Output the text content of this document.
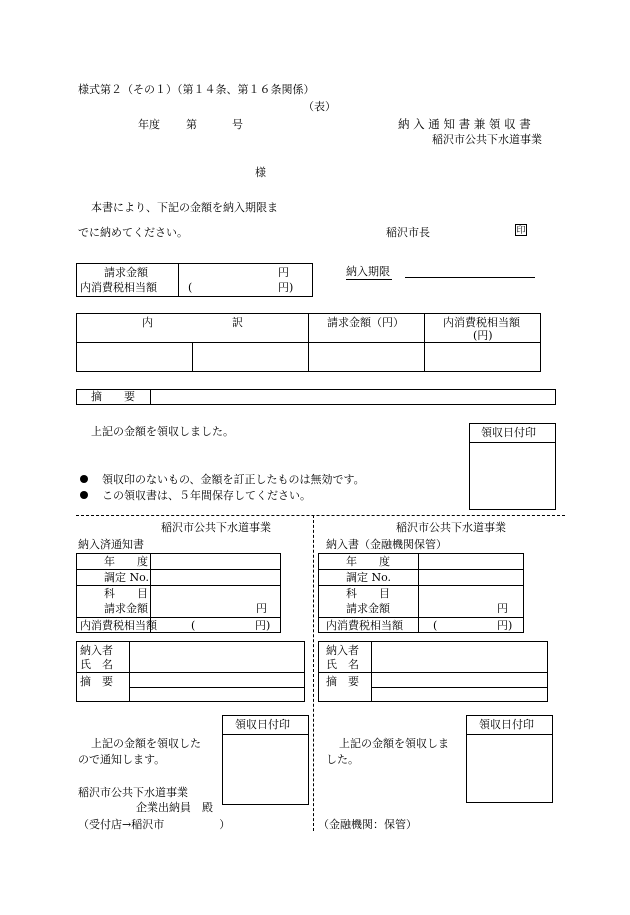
様式第２（その１）（第１４条、第１６条関係）
（表）
年度 第	号	納 入 通 知 書 兼 領 収 書
稲沢市公共下水道事業
様
本書により、下記の金額を納入期限ま
でに納めてください。	稲沢市長	印
請求金額	円
内消費税相当額	(	円)
納入期限
内	訳	請求金額（円）	内消費税相当額
(円)
摘　　要
上記の金額を領収しました。	領収日付印
領収印のないもの、金額を訂正したものは無効です。
この領収書は、５年間保存してください。
稲沢市公共下水道事業
納入済通知書
年　　度
調定 No.
科　　目
請求金額	円
内消費税相当額	(	円)
納入者
氏　名
摘　要
領収日付印
上記の金額を領収した
ので通知します。
稲沢市公共下水道事業
企業出納員　殿
（受付店→稲沢市　　　　　）
稲沢市公共下水道事業
納入書（金融機関保管）
年　　度
調定 No.
科　　目
請求金額	円
内消費税相当額	(	円)
納入者
氏　名
摘　要
領収日付印
上記の金額を領収しま
した。
（金融機関：保管）
